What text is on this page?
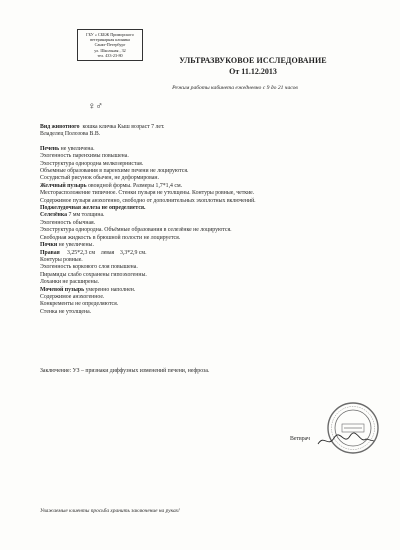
ГБУ « СББЖ Приморского
ветеринарная клиника
Санкт-Петербург
ул. Школьная , 32
тел. 433-23-80
УЛЬТРАЗВУКОВОЕ ИССЛЕДОВАНИЕ
От 11.12.2013
Режим работы кабинета ежедневно с 9 до 21 часов
♀♂
Вид животного кошка кличка Кыш возраст 7 лет.
Владелец Полозова В.В.
Печень не увеличена.
Эхогенность паренхимы повышена.
Эхоструктура однородна мелкозернистая.
Объемные образования в паренхиме печени не лоцируются.
Сосудистый рисунок обычен, не деформирован.
Желчный пузырь овоидной формы. Размеры 1,7*1,4 см.
Месторасположение типичное. Стенки пузыря не утолщены. Контуры ровные, четкие.
Содержимое пузыря анэхогенно, свободно от дополнительных эхоплотных включений.
Поджелудочная железа не определяется.
Селезёнка 7 мм толщина.
Эхогенность обычная.
Эхоструктура однородна. Объёмные образования в селезёнке не лоцируются.
Свободная жидкость в брюшной полости не лоцируется.
Почки не увеличены.
Правая 3,25*2,3 см левая 3,3*2,9 см.
Контуры ровные.
Эхогенность коркового слоя повышена.
Пирамиды слабо сохранены гипоэхогенны.
Лоханки не расширены.
Мочевой пузырь умеренно наполнен.
Содержимое анэхогенное.
Конкременты не определяются.
Стенка не утолщена.
Заключение: УЗ – признаки диффузных изменений печени, нефроза.
Ветврач
Уважаемые клиенты просьба хранить заключение на руках!
